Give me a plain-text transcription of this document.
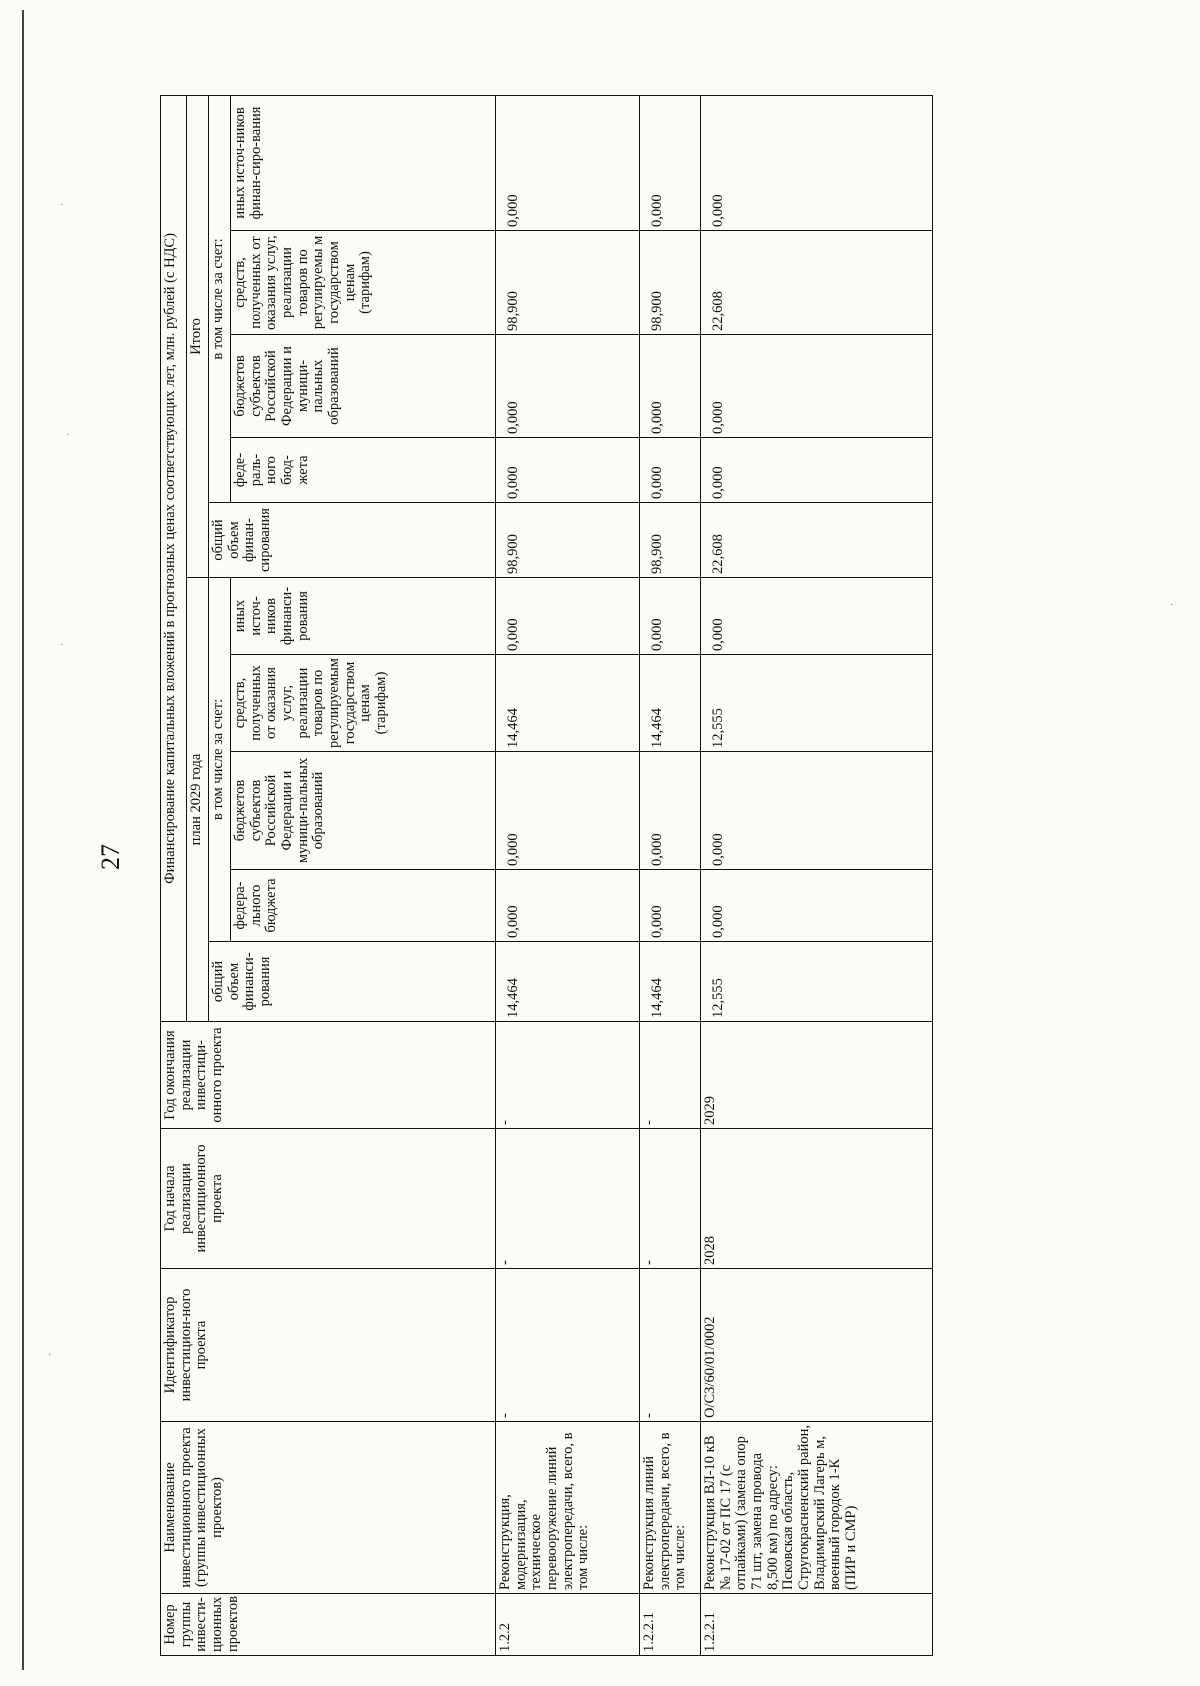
27
·
·
·
·
·
Номер группы инвести-ционных проектов	Наименование инвестиционного проекта (группы инвестиционных проектов)	Идентификатор инвестицион-ного проекта	Год начала реализации инвестиционного проекта	Год окончания реализации инвестици-онного проекта	Финансирование капитальных вложений в прогнозных ценах соответствующих лет, млн. рублей (с НДС)									
					план 2029 года					Итого				
					общий объем финанси-рования	в том числе за счет:				общий объем финан-сирования	в том числе за счет:			
						федера-льного бюджета	бюджетов субъектов Российской Федерации и муници-пальных образований	средств, полученных от оказания услуг, реализации товаров по регулируемым государством ценам (тарифам)	иных источ-ников финанси-рования		феде-раль-ного бюд-жета	бюджетов субъектов Российской Федерации и муници-пальных образований	средств, полученных от оказания услуг, реализации товаров по регулируемы м государством ценам (тарифам)	иных источ-ников финан-сиро-вания
1.2.2	Реконструкция, модернизация, техническое перевооружение линий электропередачи, всего, в том числе:	-	-	-	14,464	0,000	0,000	14,464	0,000	98,900	0,000	0,000	98,900	0,000
1.2.2.1	Реконструкция линий электропередачи, всего, в том числе:	-	-	-	14,464	0,000	0,000	14,464	0,000	98,900	0,000	0,000	98,900	0,000
1.2.2.1	Реконструкция ВЛ-10 кВ № 17-02 от ПС 17 (с отпайками) (замена опор 71 шт, замена провода 8,500 км) по адресу: Псковская область, Стругокрасненский район, Владимирский Лагерь м, военный городок 1-К (ПИР и СМР)	О/СЗ/60/01/0002	2028	2029	12,555	0,000	0,000	12,555	0,000	22,608	0,000	0,000	22,608	0,000
